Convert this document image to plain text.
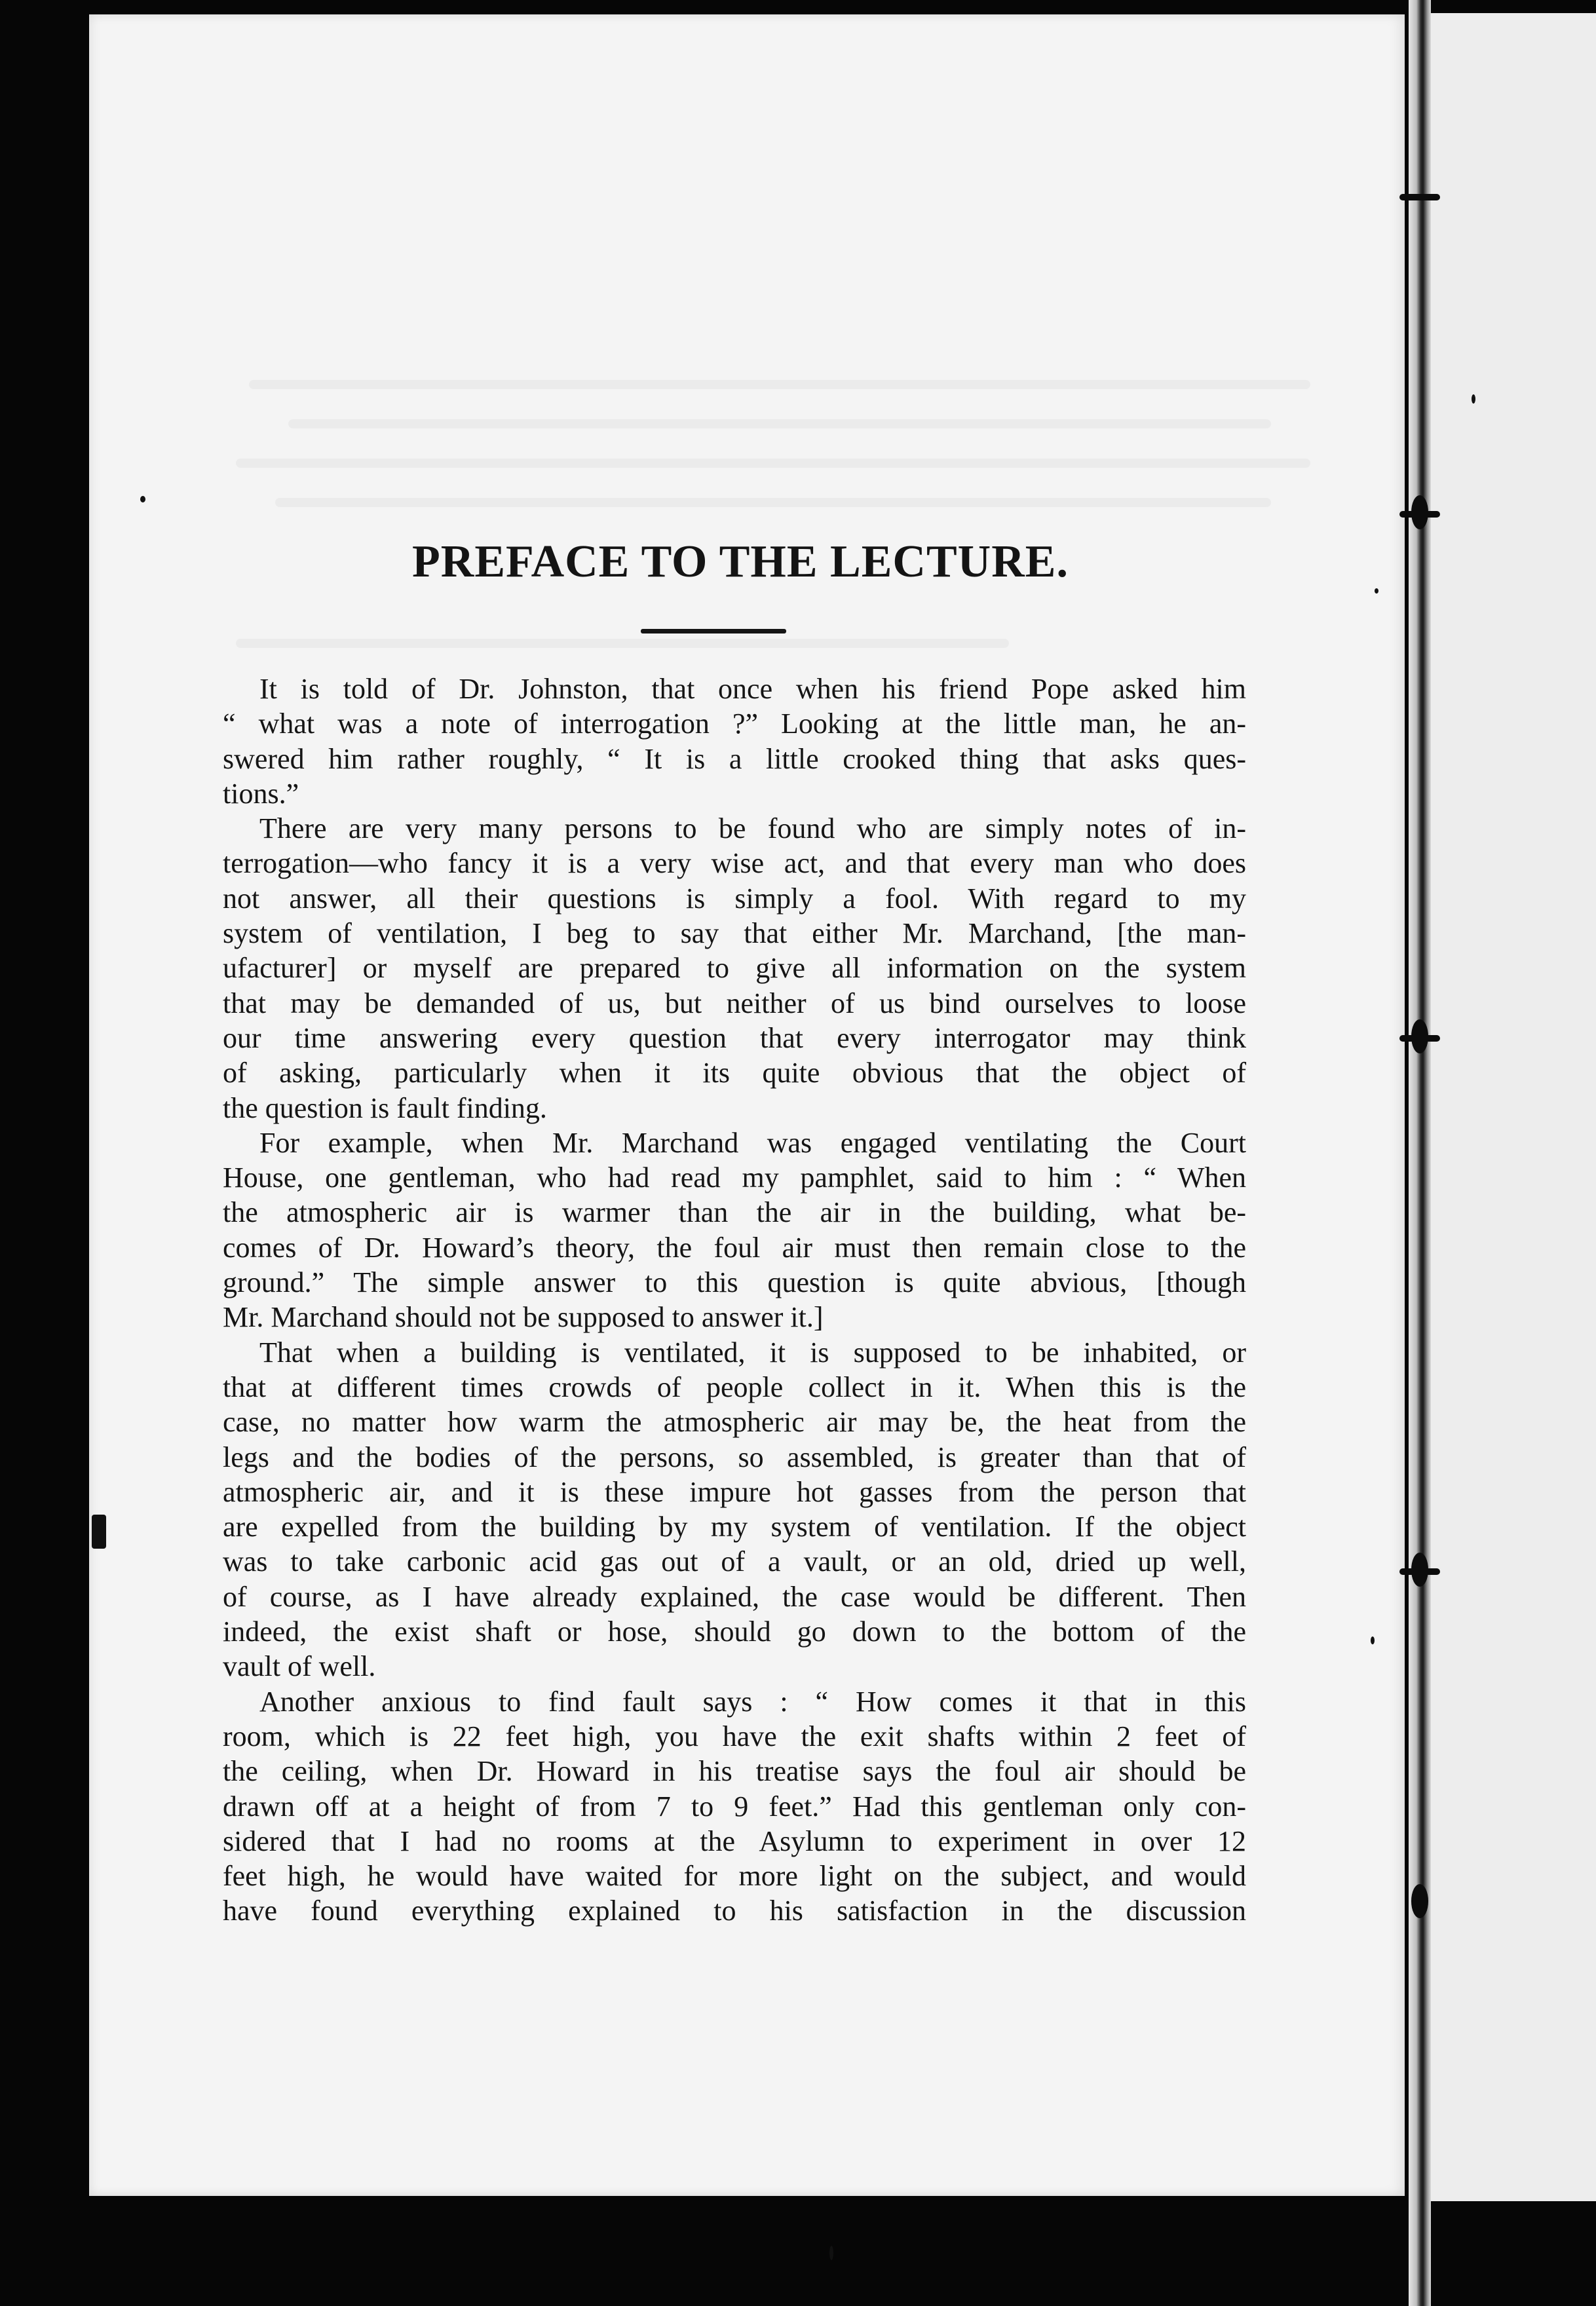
PREFACE TO THE LECTURE.

It is told of Dr. Johnston, that once when his friend Pope asked him
“ what was a note of interrogation ?” Looking at the little man, he an-
swered him rather roughly, “ It is a little crooked thing that asks ques-
tions.”

There are very many persons to be found who are simply notes of in-
terrogation—who fancy it is a very wise act, and that every man who does
not answer, all their questions is simply a fool. With regard to my
system of ventilation, I beg to say that either Mr. Marchand, [the man-
ufacturer] or myself are prepared to give all information on the system
that may be demanded of us, but neither of us bind ourselves to loose
our time answering every question that every interrogator may think
of asking, particularly when it its quite obvious that the object of
the question is fault finding.

For example, when Mr. Marchand was engaged ventilating the Court
House, one gentleman, who had read my pamphlet, said to him : “ When
the atmospheric air is warmer than the air in the building, what be-
comes of Dr. Howard’s theory, the foul air must then remain close to the
ground.” The simple answer to this question is quite abvious, [though
Mr. Marchand should not be supposed to answer it.]

That when a building is ventilated, it is supposed to be inhabited, or
that at different times crowds of people collect in it. When this is the
case, no matter how warm the atmospheric air may be, the heat from the
legs and the bodies of the persons, so assembled, is greater than that of
atmospheric air, and it is these impure hot gasses from the person that
are expelled from the building by my system of ventilation. If the object
was to take carbonic acid gas out of a vault, or an old, dried up well,
of course, as I have already explained, the case would be different. Then
indeed, the exist shaft or hose, should go down to the bottom of the
vault of well.

Another anxious to find fault says : “ How comes it that in this
room, which is 22 feet high, you have the exit shafts within 2 feet of
the ceiling, when Dr. Howard in his treatise says the foul air should be
drawn off at a height of from 7 to 9 feet.” Had this gentleman only con-
sidered that I had no rooms at the Asylumn to experiment in over 12
feet high, he would have waited for more light on the subject, and would
have found everything explained to his satisfaction in the discussion
